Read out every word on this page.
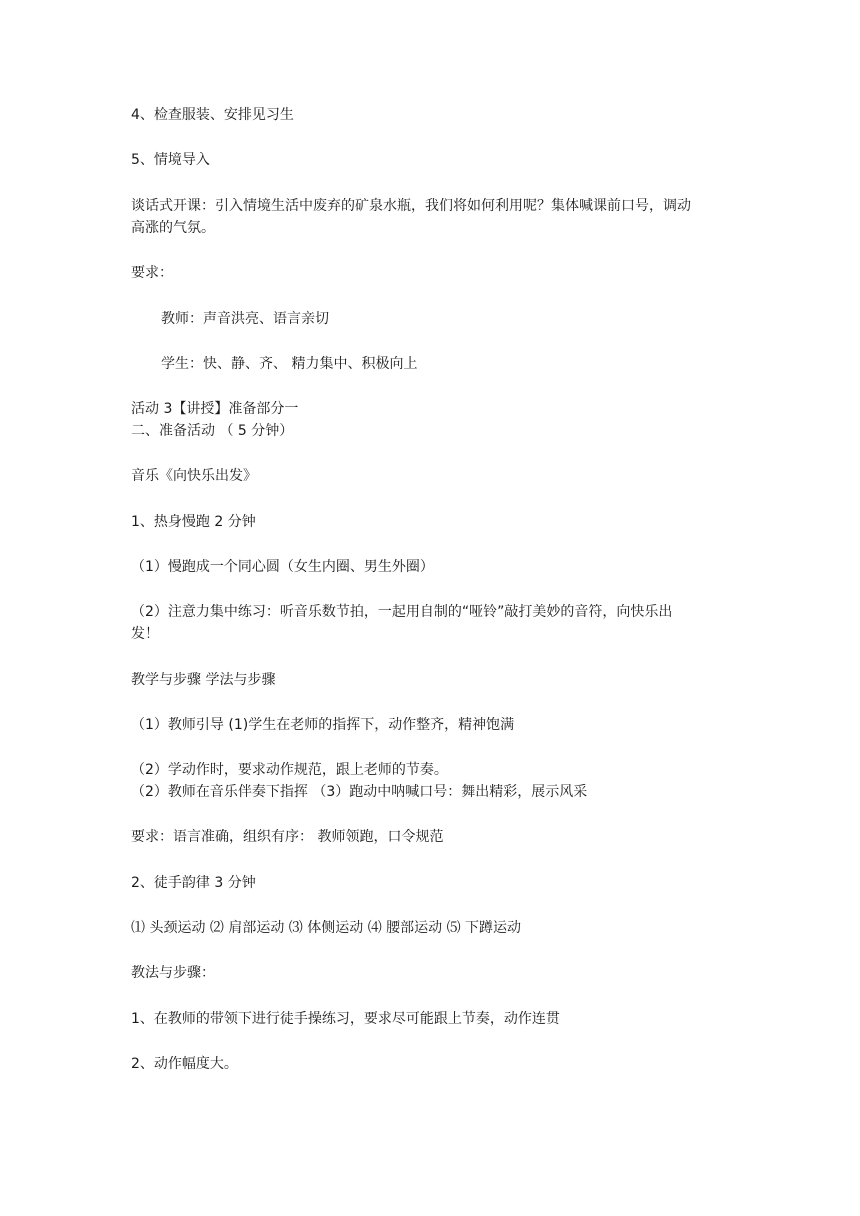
4、检查服装、安排见习生
5、情境导入
谈话式开课：引入情境生活中废弃的矿泉水瓶，我们将如何利用呢？集体喊课前口号，调动
高涨的气氛。
要求：
教师：声音洪亮、语言亲切
学生：快、静、齐、 精力集中、积极向上
活动 3【讲授】准备部分一
二、准备活动 （ 5 分钟）
音乐《向快乐出发》
1、热身慢跑 2 分钟
（1）慢跑成一个同心圆（女生内圈、男生外圈）
（2）注意力集中练习：听音乐数节拍，一起用自制的“哑铃”敲打美妙的音符，向快乐出
发！
教学与步骤 学法与步骤
（1）教师引导 (1)学生在老师的指挥下，动作整齐，精神饱满
（2）学动作时，要求动作规范，跟上老师的节奏。
（2）教师在音乐伴奏下指挥 （3）跑动中呐喊口号：舞出精彩，展示风采
要求：语言准确，组织有序： 教师领跑，口令规范
2、徒手韵律 3 分钟
⑴ 头颈运动 ⑵ 肩部运动 ⑶ 体侧运动 ⑷ 腰部运动 ⑸ 下蹲运动
教法与步骤：
1、在教师的带领下进行徒手操练习，要求尽可能跟上节奏，动作连贯
2、动作幅度大。
